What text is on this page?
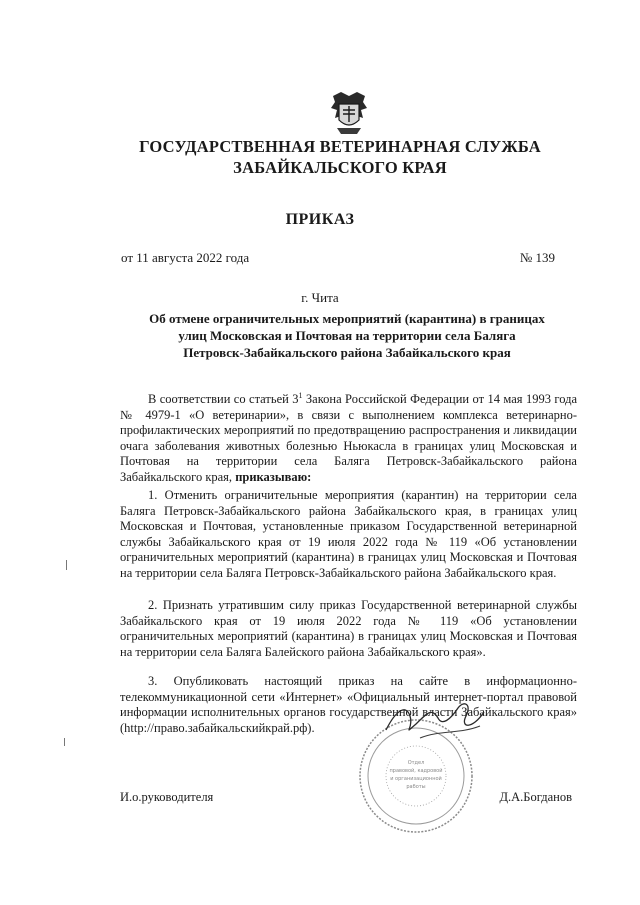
ГОСУДАРСТВЕННАЯ ВЕТЕРИНАРНАЯ СЛУЖБА
ЗАБАЙКАЛЬСКОГО КРАЯ
ПРИКАЗ
от 11 августа 2022 года	№ 139
г. Чита
Об отмене ограничительных мероприятий (карантина) в границах
улиц Московская и Почтовая на территории села Балягa
Петровск-Забайкальского района Забайкальского края

В соответствии со статьей $3^1$ Закона Российской Федерации от 14 мая 1993 года № 4979-1 «О ветеринарии», в связи с выполнением комплекса ветеринарно-профилактических мероприятий по предотвращению распространения и ликвидации очага заболевания животных болезнью Ньюкасла в границах улиц Московская и Почтовая на территории села Баляга Петровск-Забайкальского района Забайкальского края, приказываю:

1. Отменить ограничительные мероприятия (карантин) на территории села Баляга Петровск-Забайкальского района Забайкальского края, в границах улиц Московская и Почтовая, установленные приказом Государственной ветеринарной службы Забайкальского края от 19 июля 2022 года № 119 «Об установлении ограничительных мероприятий (карантина) в границах улиц Московская и Почтовая на территории села Баляга Петровск-Забайкальского района Забайкальского края.

2. Признать утратившим силу приказ Государственной ветеринарной службы Забайкальского края от 19 июля 2022 года № 119 «Об установлении ограничительных мероприятий (карантина) в границах улиц Московская и Почтовая на территории села Баляга Балейского района Забайкальского края».

3. Опубликовать настоящий приказ на сайте в информационно-телекоммуникационной сети «Интернет» «Официальный интернет-портал правовой информации исполнительных органов государственной власти Забайкальского края» (http://право.забайкальскийкрай.рф).

Отдел
правовой, кадровой
и организационной
работы
И.о.руководителя	Д.А.Богданов
